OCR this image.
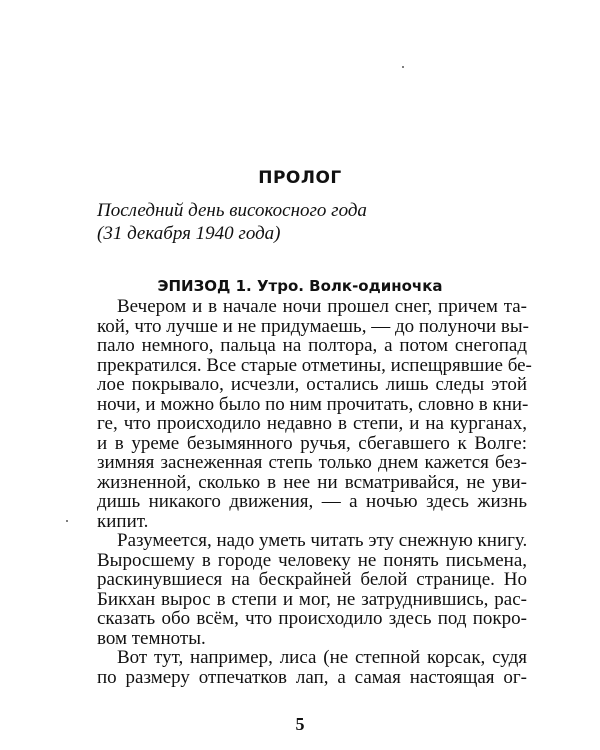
ПРОЛОГ
Последний день високосного года
(31 декабря 1940 года)
ЭПИЗОД 1. Утро. Волк-одиночка
Вечером и в начале ночи прошел снег, причем та-
кой, что лучше и не придумаешь, — до полуночи вы-
пало немного, пальца на полтора, а потом снегопад
прекратился. Все старые отметины, испещрявшие бе-
лое покрывало, исчезли, остались лишь следы этой
ночи, и можно было по ним прочитать, словно в кни-
ге, что происходило недавно в степи, и на курганах,
и в уреме безымянного ручья, сбегавшего к Волге:
зимняя заснеженная степь только днем кажется без-
жизненной, сколько в нее ни всматривайся, не уви-
дишь никакого движения, — а ночью здесь жизнь
кипит.
Разумеется, надо уметь читать эту снежную книгу.
Выросшему в городе человеку не понять письмена,
раскинувшиеся на бескрайней белой странице. Но
Бикхан вырос в степи и мог, не затруднившись, рас-
сказать обо всём, что происходило здесь под покро-
5
вом темноты.
Вот тут, например, лиса (не степной корсак, судя
по размеру отпечатков лап, а самая настоящая ог-
